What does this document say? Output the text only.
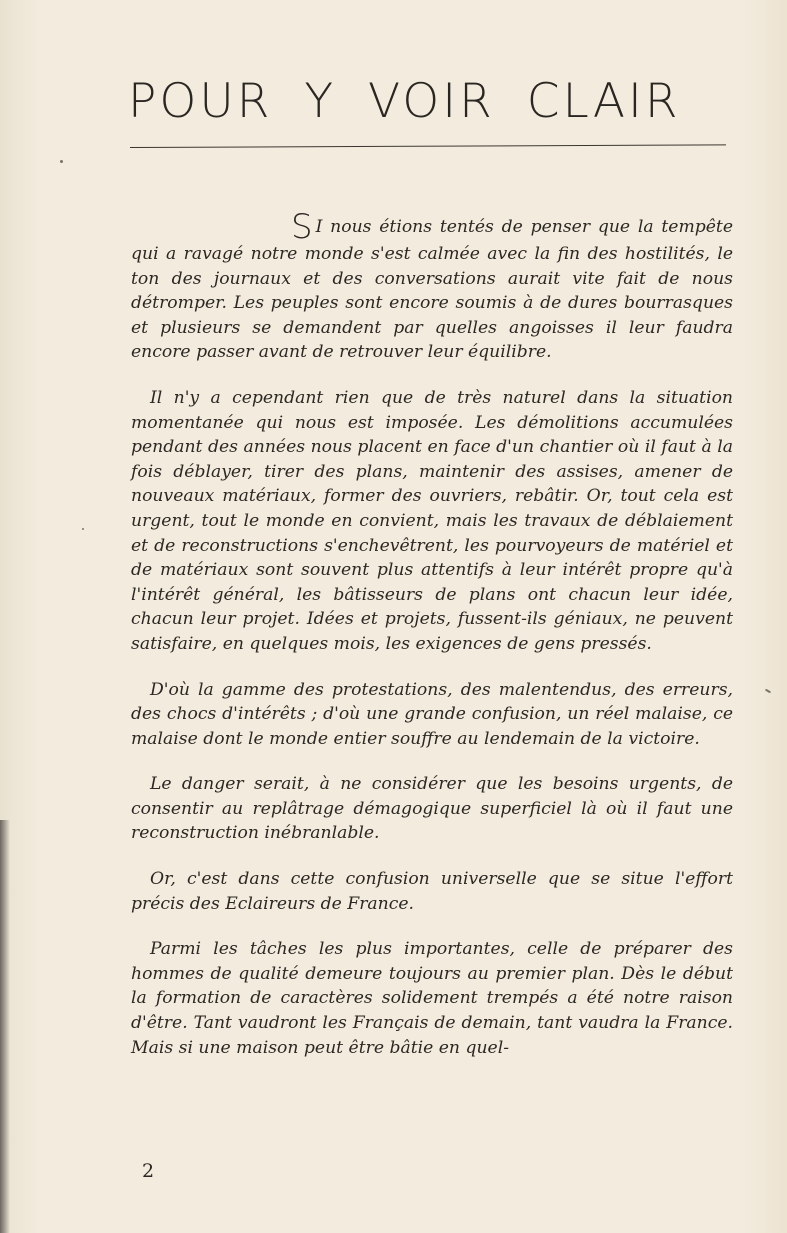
POUR Y VOIR CLAIR

S I nous étions tentés de penser que la tempête qui a ravagé notre monde s'est calmée avec la fin des hostilités, le ton des journaux et des conversations aurait vite fait de nous détromper. Les peuples sont encore soumis à de dures bourrasques et plusieurs se demandent par quelles angoisses il leur faudra encore passer avant de retrouver leur équilibre.

Il n'y a cependant rien que de très naturel dans la situation momentanée qui nous est imposée. Les démolitions accumulées pendant des années nous placent en face d'un chantier où il faut à la fois déblayer, tirer des plans, maintenir des assises, amener de nouveaux matériaux, former des ouvriers, rebâtir. Or, tout cela est urgent, tout le monde en convient, mais les travaux de déblaiement et de reconstructions s'enchevêtrent, les pourvoyeurs de matériel et de matériaux sont souvent plus attentifs à leur intérêt propre qu'à l'intérêt général, les bâtisseurs de plans ont chacun leur idée, chacun leur projet. Idées et projets, fussent-ils géniaux, ne peuvent satisfaire, en quelques mois, les exigences de gens pressés.

D'où la gamme des protestations, des malentendus, des erreurs, des chocs d'intérêts ; d'où une grande confusion, un réel malaise, ce malaise dont le monde entier souffre au lendemain de la victoire.

Le danger serait, à ne considérer que les besoins urgents, de consentir au replâtrage démagogique superficiel là où il faut une reconstruction inébranlable.

Or, c'est dans cette confusion universelle que se situe l'effort précis des Eclaireurs de France.

Parmi les tâches les plus importantes, celle de préparer des hommes de qualité demeure toujours au premier plan. Dès le début la formation de caractères solidement trempés a été notre raison d'être. Tant vaudront les Français de demain, tant vaudra la France. Mais si une maison peut être bâtie en quel-

2
